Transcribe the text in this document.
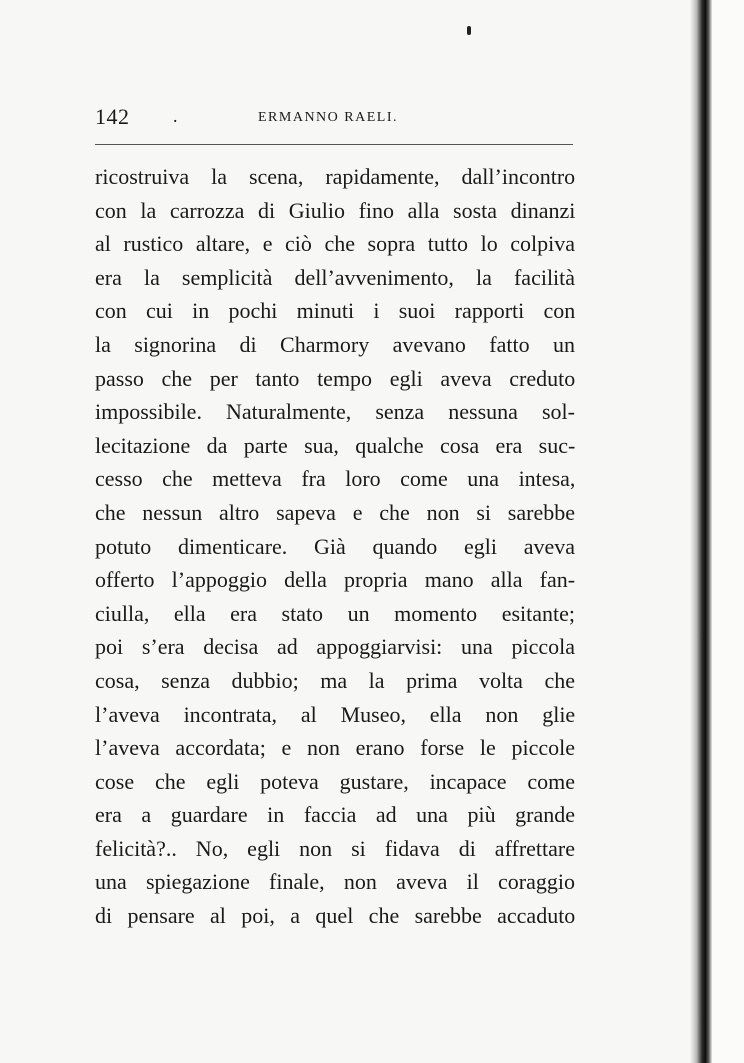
142 .	ERMANNO RAELI.
ricostruiva la scena, rapidamente, dall’incontro
con la carrozza di Giulio fino alla sosta dinanzi
al rustico altare, e ciò che sopra tutto lo colpiva
era la semplicità dell’avvenimento, la facilità
con cui in pochi minuti i suoi rapporti con
la signorina di Charmory avevano fatto un
passo che per tanto tempo egli aveva creduto
impossibile. Naturalmente, senza nessuna sol-
lecitazione da parte sua, qualche cosa era suc-
cesso che metteva fra loro come una intesa,
che nessun altro sapeva e che non si sarebbe
potuto dimenticare. Già quando egli aveva
offerto l’appoggio della propria mano alla fan-
ciulla, ella era stato un momento esitante;
poi s’era decisa ad appoggiarvisi: una piccola
cosa, senza dubbio; ma la prima volta che
l’aveva incontrata, al Museo, ella non glie
l’aveva accordata; e non erano forse le piccole
cose che egli poteva gustare, incapace come
era a guardare in faccia ad una più grande
felicità?.. No, egli non si fidava di affrettare
una spiegazione finale, non aveva il coraggio
di pensare al poi, a quel che sarebbe accaduto
